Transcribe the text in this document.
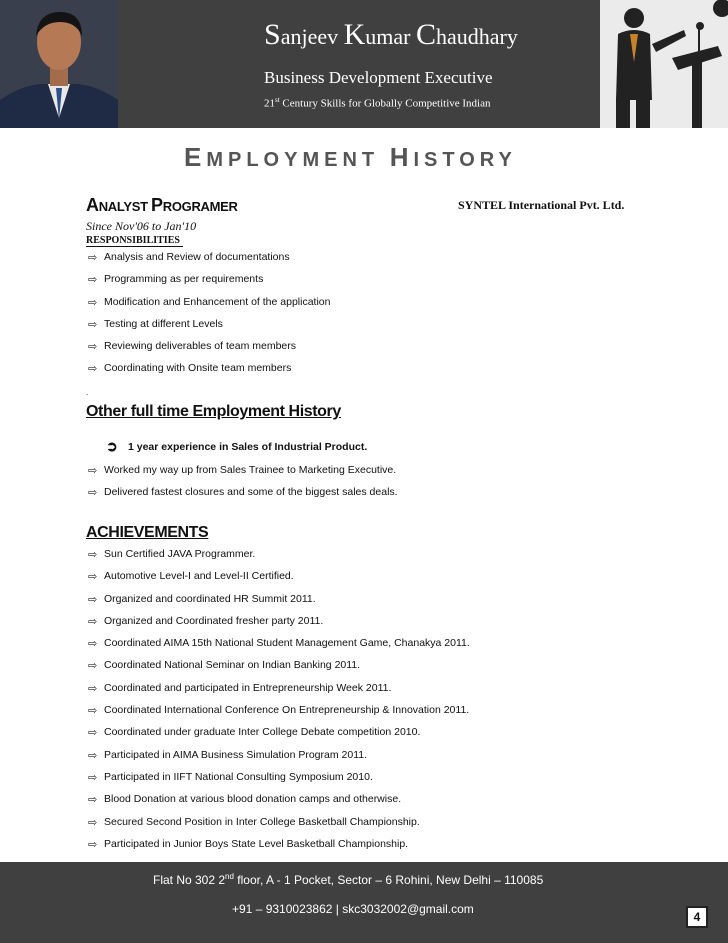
Sanjeev Kumar Chaudhary
Business Development Executive
21st Century Skills for Globally Competitive Indian
EMPLOYMENT HISTORY
ANALYST PROGRAMER	SYNTEL International Pvt. Ltd.
Since Nov'06 to Jan'10
RESPONSIBILITIES
⇨ Analysis and Review of documentations
⇨ Programming as per requirements
⇨ Modification and Enhancement of the application
⇨ Testing at different Levels
⇨ Reviewing deliverables of team members
⇨ Coordinating with Onsite team members
.
Other full time Employment History
➲ 1 year experience in Sales of Industrial Product.
⇨ Worked my way up from Sales Trainee to Marketing Executive.
⇨ Delivered fastest closures and some of the biggest sales deals.
ACHIEVEMENTS
⇨ Sun Certified JAVA Programmer.
⇨ Automotive Level-I and Level-II Certified.
⇨ Organized and coordinated HR Summit 2011.
⇨ Organized and Coordinated fresher party 2011.
⇨ Coordinated AIMA 15th National Student Management Game, Chanakya 2011.
⇨ Coordinated National Seminar on Indian Banking 2011.
⇨ Coordinated and participated in Entrepreneurship Week 2011.
⇨ Coordinated International Conference On Entrepreneurship & Innovation 2011.
⇨ Coordinated under graduate Inter College Debate competition 2010.
⇨ Participated in AIMA Business Simulation Program 2011.
⇨ Participated in IIFT National Consulting Symposium 2010.
⇨ Blood Donation at various blood donation camps and otherwise.
⇨ Secured Second Position in Inter College Basketball Championship.
⇨ Participated in Junior Boys State Level Basketball Championship.
Flat No 302 2nd floor, A - 1 Pocket, Sector – 6 Rohini, New Delhi – 110085
+91 – 9310023862 | skc3032002@gmail.com
4
